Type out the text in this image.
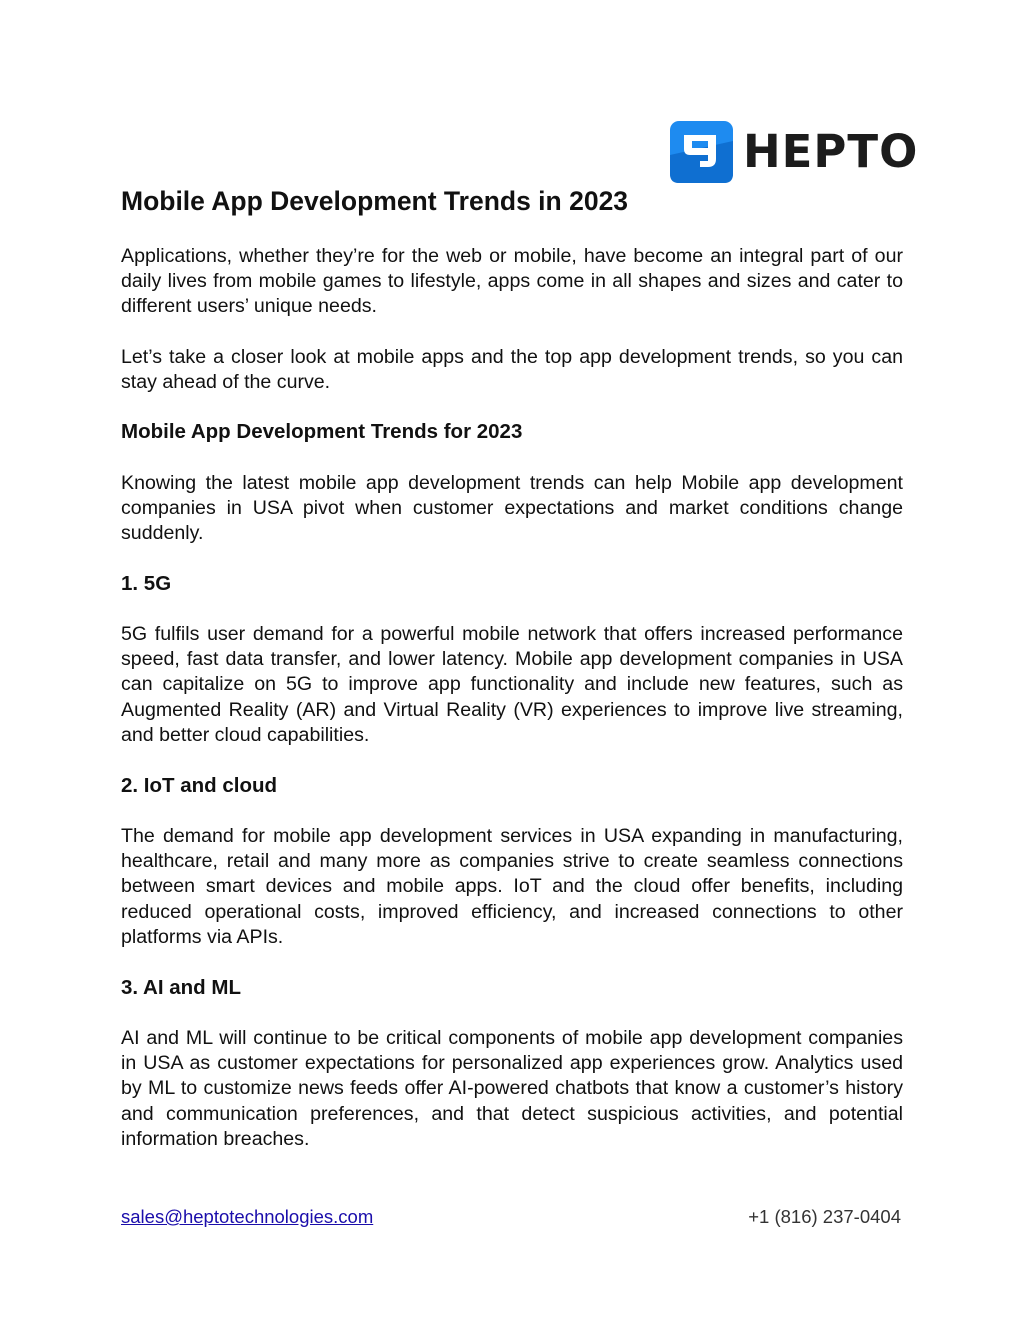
HEPTO
Mobile App Development Trends in 2023

Applications, whether they’re for the web or mobile, have become an integral part of our daily lives from mobile games to lifestyle, apps come in all shapes and sizes and cater to different users’ unique needs.

Let’s take a closer look at mobile apps and the top app development trends, so you can stay ahead of the curve.

Mobile App Development Trends for 2023

Knowing the latest mobile app development trends can help Mobile app development companies in USA pivot when customer expectations and market conditions change suddenly.

1. 5G

5G fulfils user demand for a powerful mobile network that offers increased performance speed, fast data transfer, and lower latency. Mobile app development companies in USA can capitalize on 5G to improve app functionality and include new features, such as Augmented Reality (AR) and Virtual Reality (VR) experiences to improve live streaming, and better cloud capabilities.

2. IoT and cloud

The demand for mobile app development services in USA expanding in manufacturing, healthcare, retail and many more as companies strive to create seamless connections between smart devices and mobile apps. IoT and the cloud offer benefits, including reduced operational costs, improved efficiency, and increased connections to other platforms via APIs.

3. AI and ML

AI and ML will continue to be critical components of mobile app development companies in USA as customer expectations for personalized app experiences grow. Analytics used by ML to customize news feeds offer AI-powered chatbots that know a customer’s history and communication preferences, and that detect suspicious activities, and potential information breaches.

sales@heptotechnologies.com	+1 (816) 237-0404
